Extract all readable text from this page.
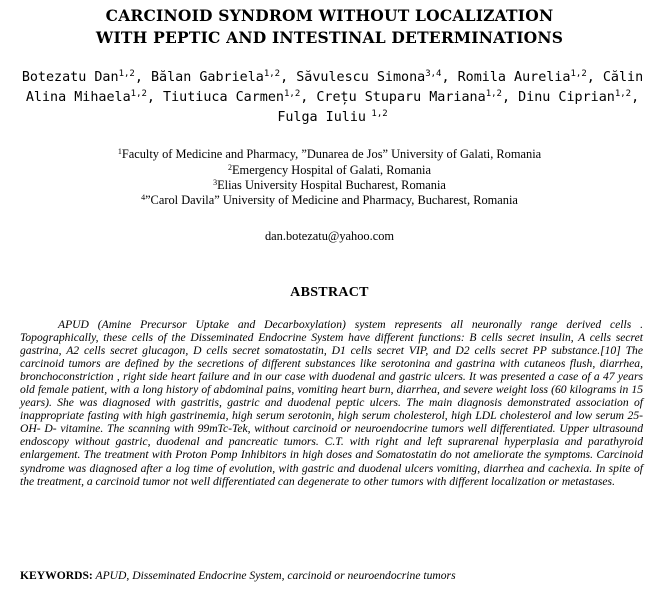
CARCINOID SYNDROM WITHOUT LOCALIZATION
WITH PEPTIC AND INTESTINAL DETERMINATIONS
Botezatu Dan$^{1,2}$, Bălan Gabriela$^{1,2}$, Săvulescu Simona$^{3,4}$, Romila Aurelia$^{1,2}$, Călin Alina Mihaela$^{1,2}$, Tiutiuca Carmen$^{1,2}$, Crețu Stuparu Mariana$^{1,2}$, Dinu Ciprian$^{1,2}$, Fulga Iuliu $^{1,2}$
$^1$Faculty of Medicine and Pharmacy, ”Dunarea de Jos” University of Galati, Romania
$^2$Emergency Hospital of Galati, Romania
$^3$Elias University Hospital Bucharest, Romania
$^4$”Carol Davila” University of Medicine and Pharmacy, Bucharest, Romania
dan.botezatu@yahoo.com
ABSTRACT

APUD (Amine Precursor Uptake and Decarboxylation) system represents all neuronally range derived cells . Topographically, these cells of the Disseminated Endocrine System have different functions: B cells secret insulin, A cells secret gastrina, A2 cells secret glucagon, D cells secret somatostatin, D1 cells secret VIP, and D2 cells secret PP substance.[10] The carcinoid tumors are defined by the secretions of different substances like serotonina and gastrina with cutaneos flush, diarrhea, bronchoconstriction , right side heart failure and in our case with duodenal and gastric ulcers. It was presented a case of a 47 years old female patient, with a long history of abdominal pains, vomiting heart burn, diarrhea, and severe weight loss (60 kilograms in 15 years). She was diagnosed with gastritis, gastric and duodenal peptic ulcers. The main diagnosis demonstrated association of inappropriate fasting with high gastrinemia, high serum serotonin, high serum cholesterol, high LDL cholesterol and low serum 25-OH- D- vitamine. The scanning with 99mTc-Tek, without carcinoid or neuroendocrine tumors well differentiated. Upper ultrasound endoscopy without gastric, duodenal and pancreatic tumors. C.T. with right and left suprarenal hyperplasia and parathyroid enlargement. The treatment with Proton Pomp Inhibitors in high doses and Somatostatin do not ameliorate the symptoms. Carcinoid syndrome was diagnosed after a log time of evolution, with gastric and duodenal ulcers vomiting, diarrhea and cachexia. In spite of the treatment, a carcinoid tumor not well differentiated can degenerate to other tumors with different localization or metastases.

KEYWORDS: APUD, Disseminated Endocrine System, carcinoid or neuroendocrine tumors
